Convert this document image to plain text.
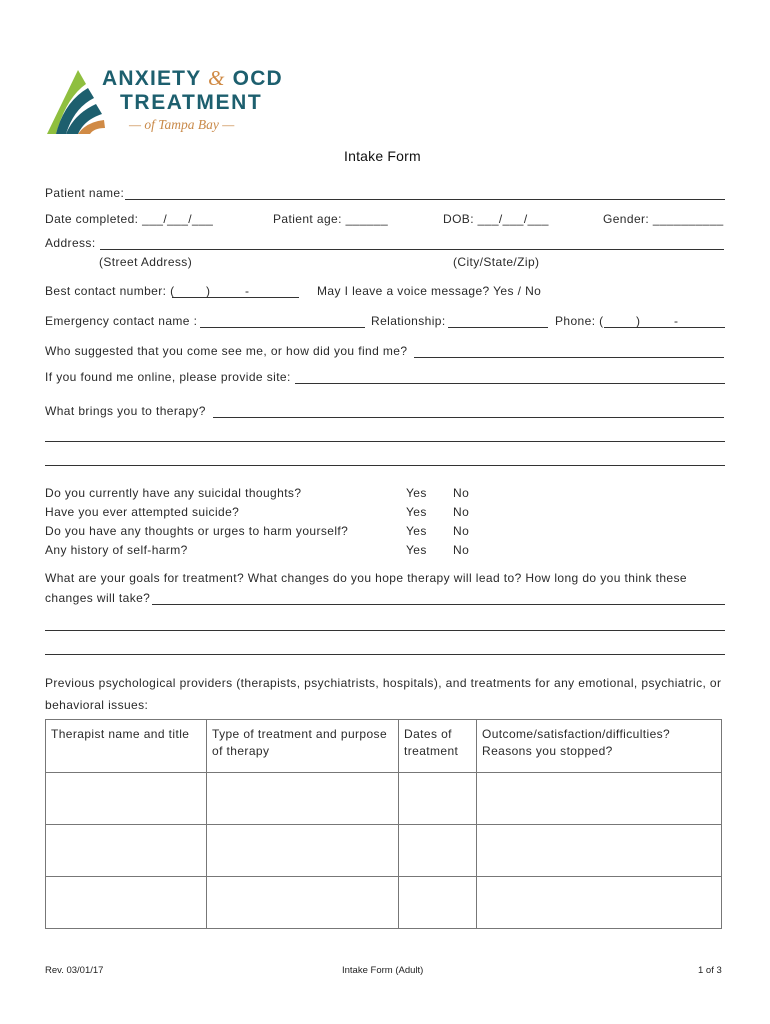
ANXIETY & OCD
TREATMENT
— of Tampa Bay —
Intake Form
Patient name:
Date completed: ___/___/___	Patient age: ______	DOB: ___/___/___	Gender: __________
Address:
(Street Address)	(City/State/Zip)
Best contact number: (	)	-	May I leave a voice message? Yes / No
Emergency contact name :	Relationship:	Phone: (	)	-
Who suggested that you come see me, or how did you find me?
If you found me online, please provide site:
What brings you to therapy?
Do you currently have any suicidal thoughts?	Yes No
Have you ever attempted suicide?	Yes No
Do you have any thoughts or urges to harm yourself?	Yes No
Any history of self-harm?	Yes No
What are your goals for treatment? What changes do you hope therapy will lead to? How long do you think these
changes will take?
Previous psychological providers (therapists, psychiatrists, hospitals), and treatments for any emotional, psychiatric, or
behavioral issues:
Therapist name and title	Type of treatment and purpose of therapy	Dates of treatment	Outcome/satisfaction/difficulties? Reasons you stopped?

Rev. 03/01/17	Intake Form (Adult)	1 of 3
